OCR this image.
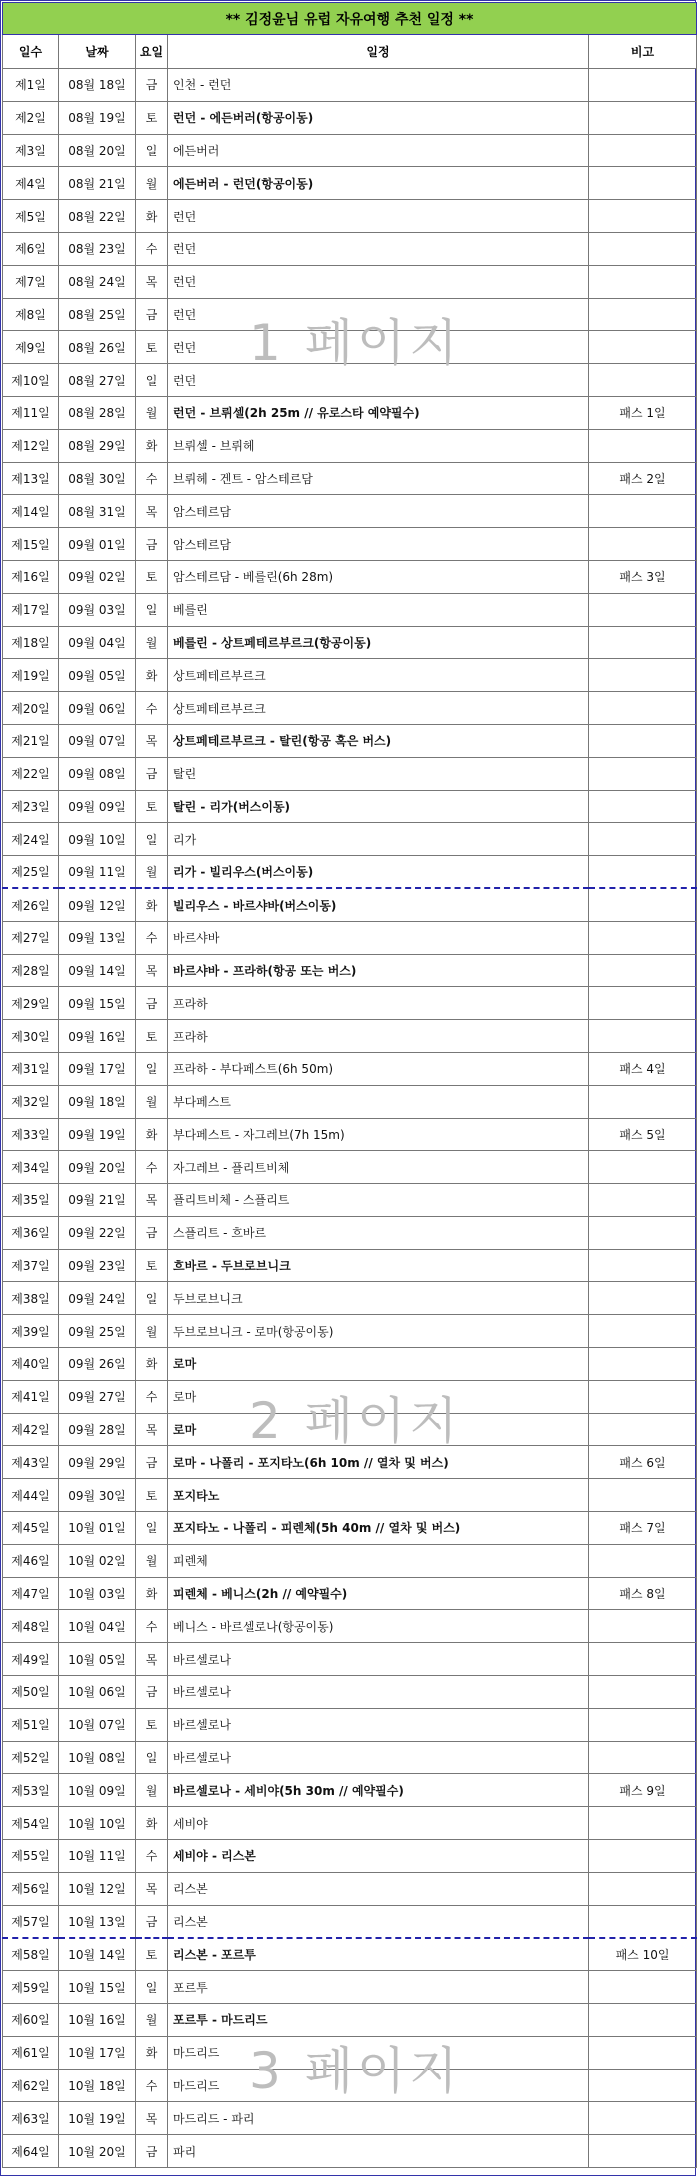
** 김정윤님 유럽 자유여행 추천 일정 **				
일수	날짜	요일	일정	비고
제1일	08월 18일	금	인천 - 런던	
제2일	08월 19일	토	런던 - 에든버러(항공이동)	
제3일	08월 20일	일	에든버러	
제4일	08월 21일	월	에든버러 - 런던(항공이동)	
제5일	08월 22일	화	런던	
제6일	08월 23일	수	런던	
제7일	08월 24일	목	런던	
제8일	08월 25일	금	런던	
제9일	08월 26일	토	런던	
제10일	08월 27일	일	런던	
제11일	08월 28일	월	런던 - 브뤼셀(2h 25m // 유로스타 예약필수)	패스 1일
제12일	08월 29일	화	브뤼셀 - 브뤼헤	
제13일	08월 30일	수	브뤼헤 - 겐트 - 암스테르담	패스 2일
제14일	08월 31일	목	암스테르담	
제15일	09월 01일	금	암스테르담	
제16일	09월 02일	토	암스테르담 - 베를린(6h 28m)	패스 3일
제17일	09월 03일	일	베를린	
제18일	09월 04일	월	베를린 - 상트페테르부르크(항공이동)	
제19일	09월 05일	화	상트페테르부르크	
제20일	09월 06일	수	상트페테르부르크	
제21일	09월 07일	목	상트페테르부르크 - 탈린(항공 혹은 버스)	
제22일	09월 08일	금	탈린	
제23일	09월 09일	토	탈린 - 리가(버스이동)	
제24일	09월 10일	일	리가	
제25일	09월 11일	월	리가 - 빌리우스(버스이동)	
제26일	09월 12일	화	빌리우스 - 바르샤바(버스이동)	
제27일	09월 13일	수	바르샤바	
제28일	09월 14일	목	바르샤바 - 프라하(항공 또는 버스)	
제29일	09월 15일	금	프라하	
제30일	09월 16일	토	프라하	
제31일	09월 17일	일	프라하 - 부다페스트(6h 50m)	패스 4일
제32일	09월 18일	월	부다페스트	
제33일	09월 19일	화	부다페스트 - 자그레브(7h 15m)	패스 5일
제34일	09월 20일	수	자그레브 - 플리트비체	
제35일	09월 21일	목	플리트비체 - 스플리트	
제36일	09월 22일	금	스플리트 - 흐바르	
제37일	09월 23일	토	흐바르 - 두브로브니크	
제38일	09월 24일	일	두브로브니크	
제39일	09월 25일	월	두브로브니크 - 로마(항공이동)	
제40일	09월 26일	화	로마	
제41일	09월 27일	수	로마	
제42일	09월 28일	목	로마	
제43일	09월 29일	금	로마 - 나폴리 - 포지타노(6h 10m // 열차 및 버스)	패스 6일
제44일	09월 30일	토	포지타노	
제45일	10월 01일	일	포지타노 - 나폴리 - 피렌체(5h 40m // 열차 및 버스)	패스 7일
제46일	10월 02일	월	피렌체	
제47일	10월 03일	화	피렌체 - 베니스(2h // 예약필수)	패스 8일
제48일	10월 04일	수	베니스 - 바르셀로나(항공이동)	
제49일	10월 05일	목	바르셀로나	
제50일	10월 06일	금	바르셀로나	
제51일	10월 07일	토	바르셀로나	
제52일	10월 08일	일	바르셀로나	
제53일	10월 09일	월	바르셀로나 - 세비야(5h 30m // 예약필수)	패스 9일
제54일	10월 10일	화	세비야	
제55일	10월 11일	수	세비야 - 리스본	
제56일	10월 12일	목	리스본	
제57일	10월 13일	금	리스본	
제58일	10월 14일	토	리스본 - 포르투	패스 10일
제59일	10월 15일	일	포르투	
제60일	10월 16일	월	포르투 - 마드리드	
제61일	10월 17일	화	마드리드	
제62일	10월 18일	수	마드리드	
제63일	10월 19일	목	마드리드 - 파리	
제64일	10월 20일	금	파리	
1 페이지
2 페이지
3 페이지
